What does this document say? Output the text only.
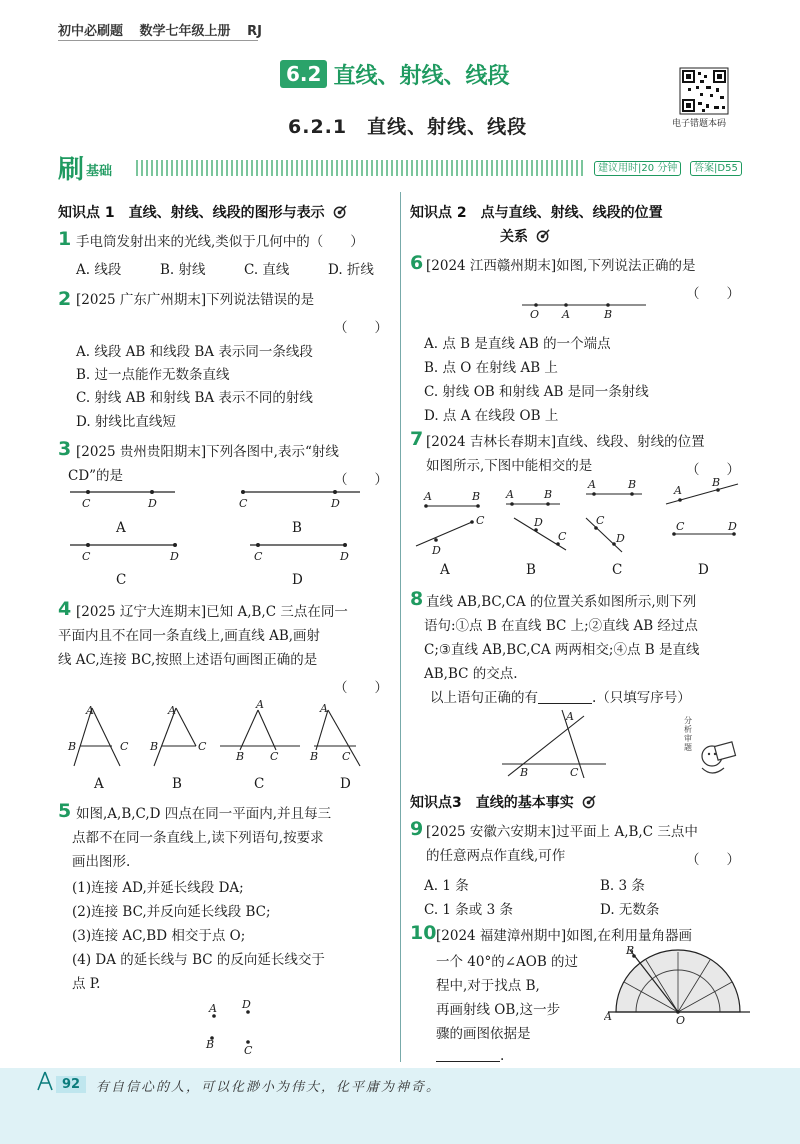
初中必刷题 数学七年级上册 RJ
6.2 直线、射线、线段
6.2.1　直线、射线、线段	电子错题本码
刷 基础	建议用时|20 分钟	答案|D55
知识点 1　直线、射线、线段的图形与表示
1 手电筒发射出来的光线,类似于几何中的（　　）
A. 线段	B. 射线	C. 直线	D. 折线
2 [2025 广东广州期末]下列说法错误的是
（　　）
A. 线段 AB 和线段 BA 表示同一条线段
B. 过一点能作无数条直线
C. 射线 AB 和射线 BA 表示不同的射线
D. 射线比直线短
3 [2025 贵州贵阳期末]下列各图中,表示“射线
CD”的是	（　　）
C	D	C	D
C	D	C	D
A	B
C	D
4 [2025 辽宁大连期末]已知 A,B,C 三点在同一
平面内且不在同一条直线上,画直线 AB,画射
线 AC,连接 BC,按照上述语句画图正确的是
（　　）
A
B	C
A
B	C
A
B C
A
B C
A	B	C	D
5 如图,A,B,C,D 四点在同一平面内,并且每三
点都不在同一条直线上,读下列语句,按要求
画出图形.
(1)连接 AD,并延长线段 DA;
(2)连接 BC,并反向延长线段 BC;
(3)连接 AC,BD 相交于点 O;
(4) DA 的延长线与 BC 的反向延长线交于
点 P.
A D
B	C
知识点 2　点与直线、射线、线段的位置
关系
6 [2024 江西赣州期末]如图,下列说法正确的是
（　　）
O A	B
A. 点 B 是直线 AB 的一个端点
B. 点 O 在射线 AB 上
C. 射线 OB 和射线 AB 是同一条射线
D. 点 A 在线段 OB 上
7 [2024 吉林长春期末]直线、线段、射线的位置
如图所示,下图中能相交的是	（　　）
A	B
D
C
A	B
D
C
A	B
C
D
A
B
C	D
A	B	C	D
8 直线 AB,BC,CA 的位置关系如图所示,则下列
语句:①点 B 在直线 BC 上;②直线 AB 经过点
C;③直线 AB,BC,CA 两两相交;④点 B 是直线
AB,BC 的交点.
以上语句正确的有	.（只填写序号）
A
B	C
分析审题
知识点3　直线的基本事实
9 [2025 安徽六安期末]过平面上 A,B,C 三点中
的任意两点作直线,可作	（　　）
A. 1 条	B. 3 条
C. 1 条或 3 条	D. 无数条
10 [2024 福建漳州期中]如图,在利用量角器画
一个 40°的∠AOB 的过
程中,对于找点 B,
再画射线 OB,这一步
骤的画图依据是
.
B
A	O
92	有自信心的人，可以化渺小为伟大，化平庸为神奇。
